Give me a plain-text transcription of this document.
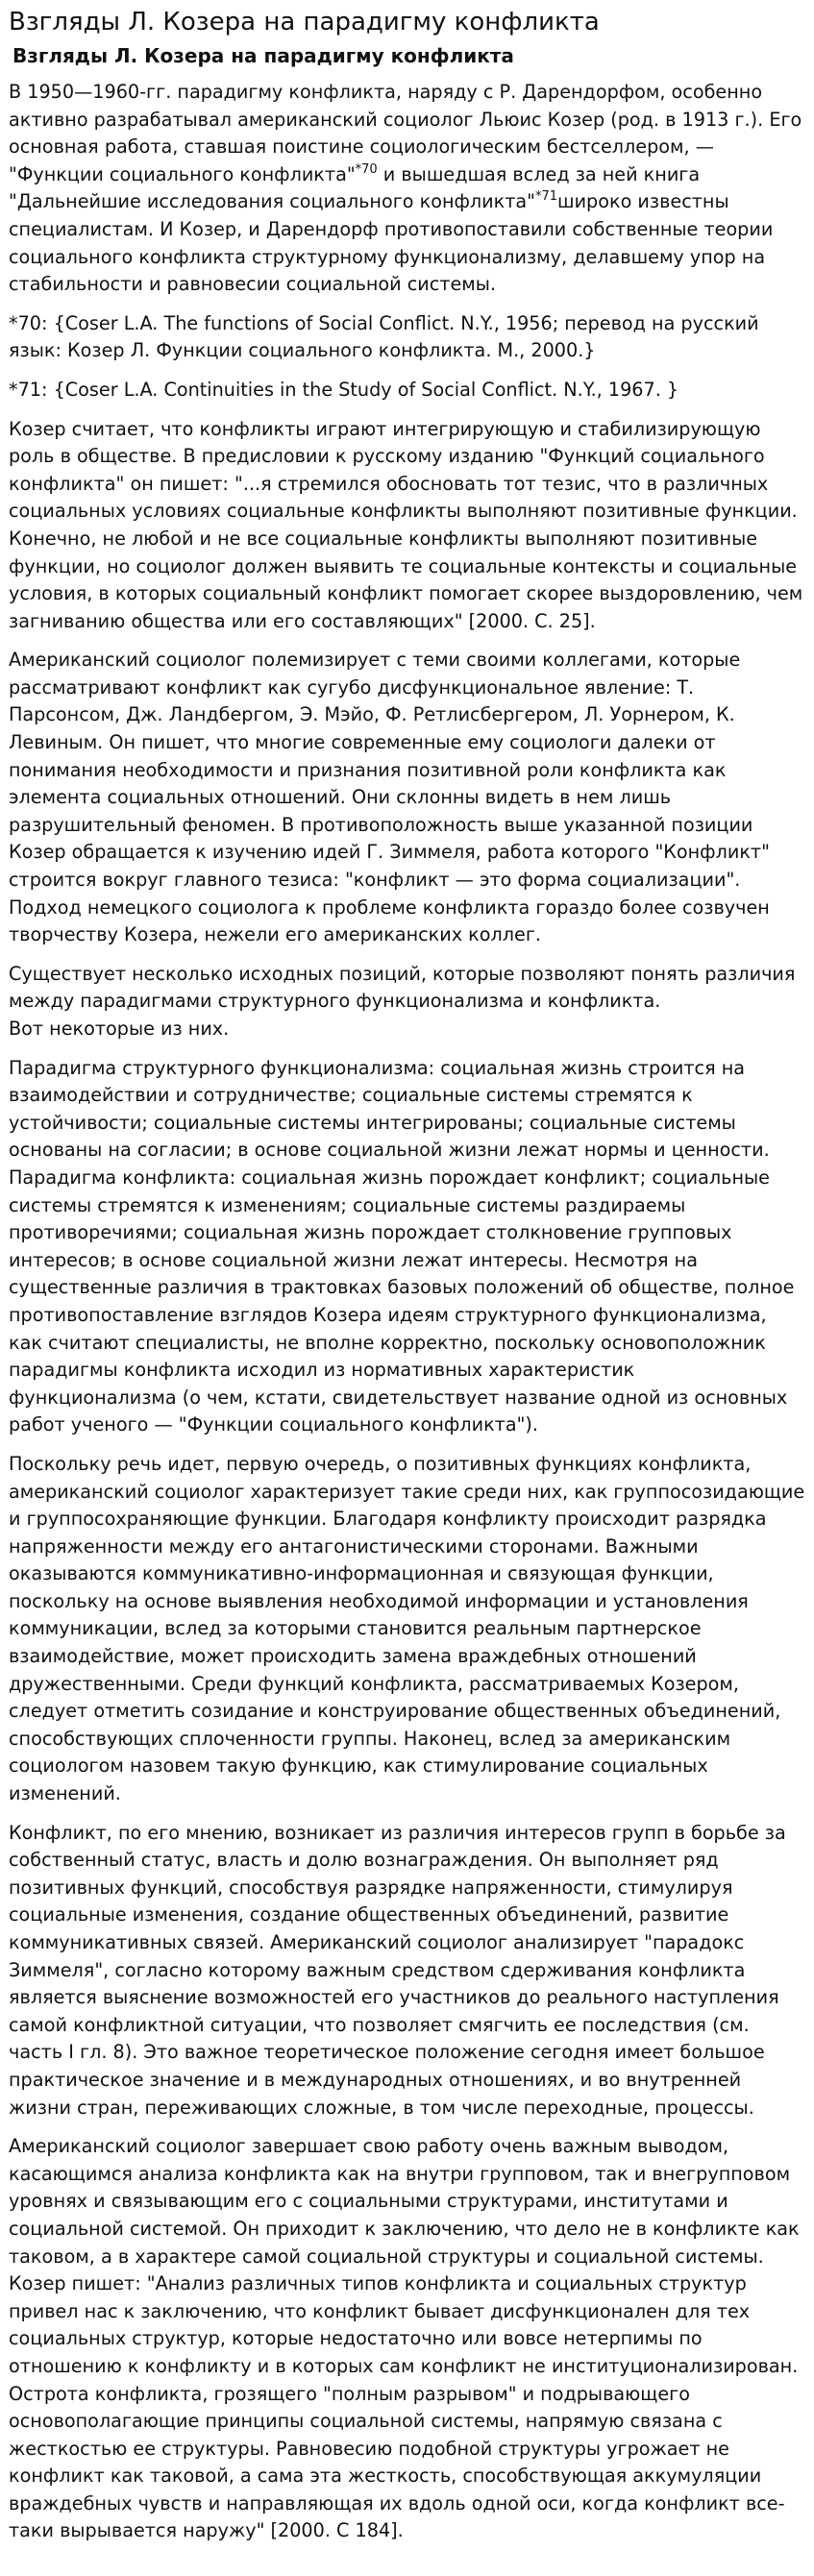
Взгляды Л. Козера на парадигму конфликта
Взгляды Л. Козера на парадигму конфликта

В 1950—1960-гг. парадигму конфликта, наряду с Р. Дарендорфом, особенно активно разрабатывал американский социолог Льюис Козер (род. в 1913 г.). Его основная работа, ставшая поистине социологическим бестселлером, — "Функции социального конфликта"$^{*70}$ и вышедшая вслед за ней книга "Дальнейшие исследования социального конфликта"$^{*71}$широко известны специалистам. И Козер, и Дарендорф противопоставили собственные теории социального конфликта структурному функционализму, делавшему упор на стабильности и равновесии социальной системы.

*70: {Coser L.A. The functions of Social Conflict. N.Y., 1956; перевод на русский язык: Козер Л. Функции социального конфликта. М., 2000.}

*71: {Coser L.A. Continuities in the Study of Social Conflict. N.Y., 1967. }

Козер считает, что конфликты играют интегрирующую и стабилизирующую роль в обществе. В предисловии к русскому изданию "Функций социального конфликта" он пишет: "...я стремился обосновать тот тезис, что в различных социальных условиях социальные конфликты выполняют позитивные функции. Конечно, не любой и не все социальные конфликты выполняют позитивные функции, но социолог должен выявить те социальные контексты и социальные условия, в которых социальный конфликт помогает скорее выздоровлению, чем загниванию общества или его составляющих" [2000. С. 25].

Американский социолог полемизирует с теми своими коллегами, которые рассматривают конфликт как сугубо дисфункциональное явление: Т. Парсонсом, Дж. Ландбергом, Э. Мэйо, Ф. Ретлисбергером, Л. Уорнером, К. Левиным. Он пишет, что многие современные ему социологи далеки от понимания необходимости и признания позитивной роли конфликта как элемента социальных отношений. Они склонны видеть в нем лишь разрушительный феномен. В противоположность выше указанной позиции Козер обращается к изучению идей Г. Зиммеля, работа которого "Конфликт" строится вокруг главного тезиса: "конфликт — это форма социализации". Подход немецкого социолога к проблеме конфликта гораздо более созвучен творчеству Козера, нежели его американских коллег.

Существует несколько исходных позиций, которые позволяют понять различия между парадигмами структурного функционализма и конфликта.
Вот некоторые из них.

Парадигма структурного функционализма: социальная жизнь строится на взаимодействии и сотрудничестве; социальные системы стремятся к устойчивости; социальные системы интегрированы; социальные системы основаны на согласии; в основе социальной жизни лежат нормы и ценности. Парадигма конфликта: социальная жизнь порождает конфликт; социальные системы стремятся к изменениям; социальные системы раздираемы противоречиями; социальная жизнь порождает столкновение групповых интересов; в основе социальной жизни лежат интересы. Несмотря на существенные различия в трактовках базовых положений об обществе, полное противопоставление взглядов Козера идеям структурного функционализма, как считают специалисты, не вполне корректно, поскольку основоположник парадигмы конфликта исходил из нормативных характеристик функционализма (о чем, кстати, свидетельствует название одной из основных работ ученого — "Функции социального конфликта").

Поскольку речь идет, первую очередь, о позитивных функциях конфликта, американский социолог характеризует такие среди них, как группосозидающие и группосохраняющие функции. Благодаря конфликту происходит разрядка напряженности между его антагонистическими сторонами. Важными оказываются коммуникативно-информационная и связующая функции, поскольку на основе выявления необходимой информации и установления коммуникации, вслед за которыми становится реальным партнерское взаимодействие, может происходить замена враждебных отношений дружественными. Среди функций конфликта, рассматриваемых Козером, следует отметить созидание и конструирование общественных объединений, способствующих сплоченности группы. Наконец, вслед за американским социологом назовем такую функцию, как стимулирование социальных изменений.

Конфликт, по его мнению, возникает из различия интересов групп в борьбе за собственный статус, власть и долю вознаграждения. Он выполняет ряд позитивных функций, способствуя разрядке напряженности, стимулируя социальные изменения, создание общественных объединений, развитие коммуникативных связей. Американский социолог анализирует "парадокс Зиммеля", согласно которому важным средством сдерживания конфликта является выяснение возможностей его участников до реального наступления самой конфликтной ситуации, что позволяет смягчить ее последствия (см. часть I гл. 8). Это важное теоретическое положение сегодня имеет большое практическое значение и в международных отношениях, и во внутренней жизни стран, переживающих сложные, в том числе переходные, процессы.

Американский социолог завершает свою работу очень важным выводом, касающимся анализа конфликта как на внутри групповом, так и внегрупповом уровнях и связывающим его с социальными структурами, институтами и социальной системой. Он приходит к заключению, что дело не в конфликте как таковом, а в характере самой социальной структуры и социальной системы. Козер пишет: "Анализ различных типов конфликта и социальных структур привел нас к заключению, что конфликт бывает дисфункционален для тех социальных структур, которые недостаточно или вовсе нетерпимы по отношению к конфликту и в которых сам конфликт не институционализирован. Острота конфликта, грозящего "полным разрывом" и подрывающего основополагающие принципы социальной системы, напрямую связана с жесткостью ее структуры. Равновесию подобной структуры угрожает не конфликт как таковой, а сама эта жесткость, способствующая аккумуляции враждебных чувств и направляющая их вдоль одной оси, когда конфликт все-таки вырывается наружу" [2000. С 184].
